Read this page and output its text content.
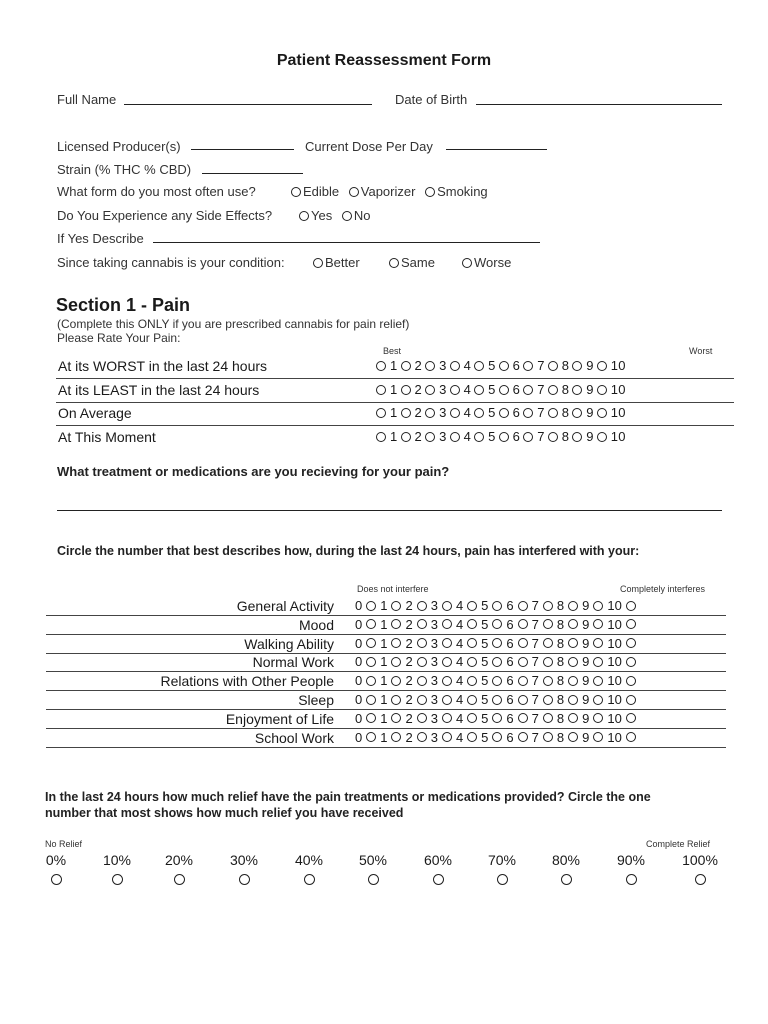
Patient Reassessment Form
Full Name	Date of Birth
Licensed Producer(s)	Current Dose Per Day
Strain (% THC % CBD)
What form do you most often use?	Edible Vaporizer Smoking
Do You Experience any Side Effects?	Yes No
If Yes Describe
Since taking cannabis is your condition:	Better	Same	Worse
Section 1 - Pain
(Complete this ONLY if you are prescribed cannabis for pain relief)
Please Rate Your Pain:
Best	Worst
At its WORST in the last 24 hours	1 2 3 4 5 6 7 8 9 10
At its LEAST in the last 24 hours	1 2 3 4 5 6 7 8 9 10
On Average	1 2 3 4 5 6 7 8 9 10
At This Moment	1 2 3 4 5 6 7 8 9 10
What treatment or medications are you recieving for your pain?
Circle the number that best describes how, during the last 24 hours, pain has interfered with your:
Does not interfere	Completely interferes
General Activity 0 1 2 3 4 5 6 7 8 9 10
Mood 0 1 2 3 4 5 6 7 8 9 10
Walking Ability 0 1 2 3 4 5 6 7 8 9 10
Normal Work 0 1 2 3 4 5 6 7 8 9 10
Relations with Other People 0 1 2 3 4 5 6 7 8 9 10
Sleep 0 1 2 3 4 5 6 7 8 9 10
Enjoyment of Life 0 1 2 3 4 5 6 7 8 9 10
School Work 0 1 2 3 4 5 6 7 8 9 10
In the last 24 hours how much relief have the pain treatments or medications provided? Circle the one
number that most shows how much relief you have received
No Relief	Complete Relief
0%	10%	20%	30%	40%	50%	60%	70%	80%	90%	100%
